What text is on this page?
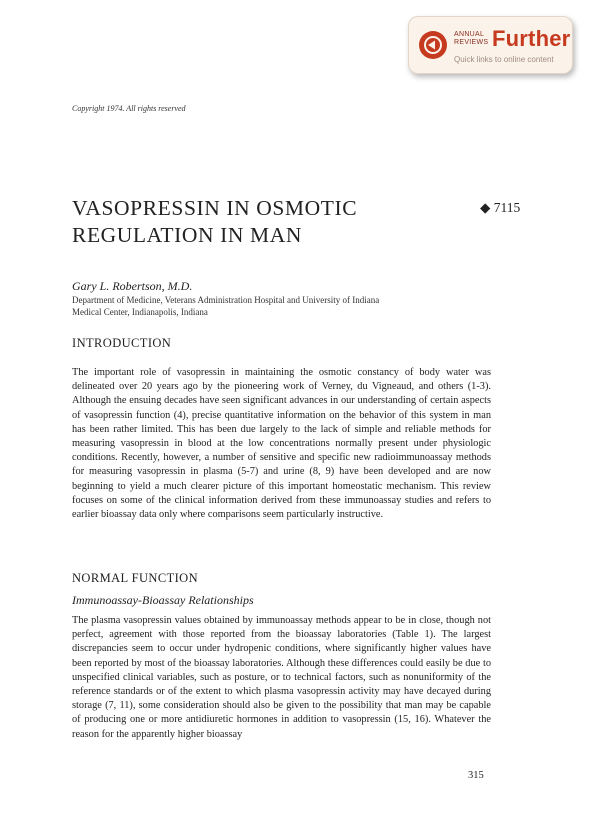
ANNUAL
REVIEWS Further
Quick links to online content
Copyright 1974. All rights reserved
VASOPRESSIN IN OSMOTIC
REGULATION IN MAN
◆ 7115
Gary L. Robertson, M.D.
Department of Medicine, Veterans Administration Hospital and University of Indiana
Medical Center, Indianapolis, Indiana
INTRODUCTION

The important role of vasopressin in maintaining the osmotic constancy of body water was delineated over 20 years ago by the pioneering work of Verney, du Vigneaud, and others (1-3). Although the ensuing decades have seen significant advances in our understanding of certain aspects of vasopressin function (4), precise quantitative information on the behavior of this system in man has been rather limited. This has been due largely to the lack of simple and reliable methods for measuring vasopressin in blood at the low concentrations normally present under physiologic conditions. Recently, however, a number of sensitive and specific new radioimmunoassay methods for measuring vasopressin in plasma (5-7) and urine (8, 9) have been developed and are now beginning to yield a much clearer picture of this important homeostatic mechanism. This review focuses on some of the clinical information derived from these immunoassay studies and refers to earlier bioassay data only where comparisons seem particularly instructive.

NORMAL FUNCTION
Immunoassay-Bioassay Relationships

The plasma vasopressin values obtained by immunoassay methods appear to be in close, though not perfect, agreement with those reported from the bioassay laboratories (Table 1). The largest discrepancies seem to occur under hydropenic conditions, where significantly higher values have been reported by most of the bioassay laboratories. Although these differences could easily be due to unspecified clinical variables, such as posture, or to technical factors, such as nonuniformity of the reference standards or of the extent to which plasma vasopressin activity may have decayed during storage (7, 11), some consideration should also be given to the possibility that man may be capable of producing one or more antidiuretic hormones in addition to vasopressin (15, 16). Whatever the reason for the apparently higher bioassay

315
